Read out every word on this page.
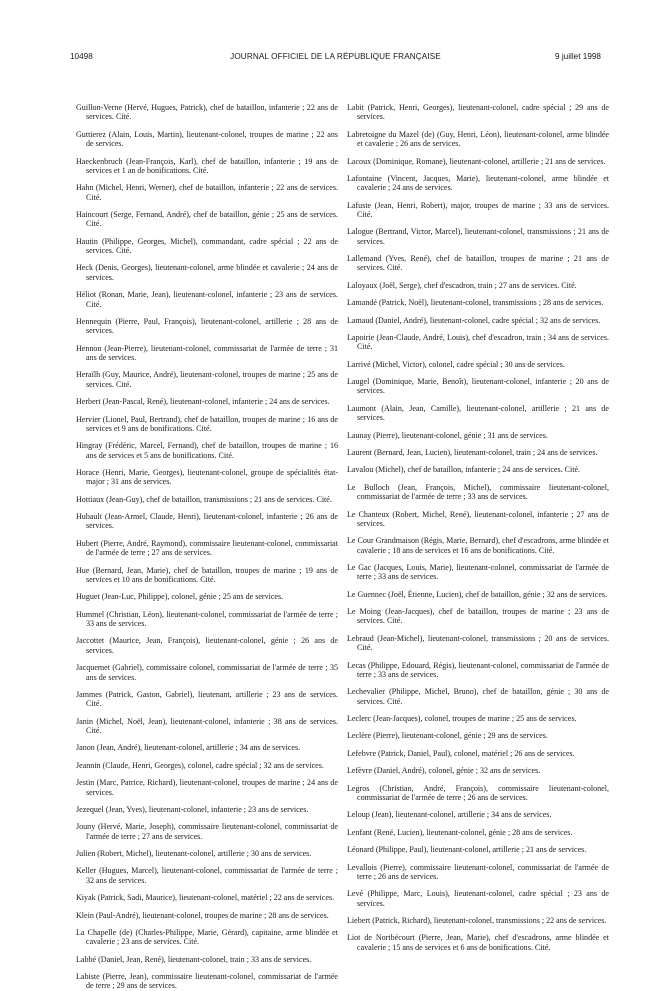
10498	JOURNAL OFFICIEL DE LA RÉPUBLIQUE FRANÇAISE	9 juillet 1998

Guillon-Verne (Hervé, Hugues, Patrick), chef de bataillon, infanterie ; 22 ans de services. Cité.

Guttierez (Alain, Louis, Martin), lieutenant-colonel, troupes de marine ; 22 ans de services.

Haeckenbruch (Jean-François, Karl), chef de bataillon, infanterie ; 19 ans de services et 1 an de bonifications. Cité.

Hahn (Michel, Henri, Werner), chef de bataillon, infanterie ; 22 ans de services. Cité.

Haincourt (Serge, Fernand, André), chef de bataillon, génie ; 25 ans de services. Cité.

Hautin (Philippe, Georges, Michel), commandant, cadre spécial ; 22 ans de services. Cité.

Heck (Denis, Georges), lieutenant-colonel, arme blindée et cavalerie ; 24 ans de services.

Héliot (Ronan, Marie, Jean), lieutenant-colonel, infanterie ; 23 ans de services. Cité.

Hennequin (Pierre, Paul, François), lieutenant-colonel, artillerie ; 28 ans de services.

Hennon (Jean-Pierre), lieutenant-colonel, commissariat de l'armée de terre ; 31 ans de services.

Heraïlh (Guy, Maurice, André), lieutenant-colonel, troupes de marine ; 25 ans de services. Cité.

Herbert (Jean-Pascal, René), lieutenant-colonel, infanterie ; 24 ans de services.

Hervier (Lionel, Paul, Bertrand), chef de bataillon, troupes de marine ; 16 ans de services et 9 ans de bonifications. Cité.

Hingray (Frédéric, Marcel, Fernand), chef de bataillon, troupes de marine ; 16 ans de services et 5 ans de bonifications. Cité.

Horace (Henri, Marie, Georges), lieutenant-colonel, groupe de spécialités état-major ; 31 ans de services.

Hottiaux (Jean-Guy), chef de bataillon, transmissions ; 21 ans de services. Cité.

Hubault (Jean-Armel, Claude, Henri), lieutenant-colonel, infanterie ; 26 ans de services.

Hubert (Pierre, André, Raymond), commissaire lieutenant-colonel, commissariat de l'armée de terre ; 27 ans de services.

Hue (Bernard, Jean, Marie), chef de bataillon, troupes de marine ; 19 ans de services et 10 ans de bonifications. Cité.

Huguet (Jean-Luc, Philippe), colonel, génie ; 25 ans de services.

Hummel (Christian, Léon), lieutenant-colonel, commissariat de l'armée de terre ; 33 ans de services.

Jaccottet (Maurice, Jean, François), lieutenant-colonel, génie ; 26 ans de services.

Jacquemet (Gabriel), commissaire colonel, commissariat de l'armée de terre ; 35 ans de services.

Jammes (Patrick, Gaston, Gabriel), lieutenant, artillerie ; 23 ans de services. Cité.

Janin (Michel, Noël, Jean), lieutenant-colonel, infanterie ; 38 ans de services. Cité.

Janon (Jean, André), lieutenant-colonel, artillerie ; 34 ans de services.

Jeannin (Claude, Henri, Georges), colonel, cadre spécial ; 32 ans de services.

Jestin (Marc, Patrice, Richard), lieutenant-colonel, troupes de marine ; 24 ans de services.

Jezequel (Jean, Yves), lieutenant-colonel, infanterie ; 23 ans de services.

Jouny (Hervé, Marie, Joseph), commissaire lieutenant-colonel, commissariat de l'armée de terre ; 27 ans de services.

Julien (Robert, Michel), lieutenant-colonel, artillerie ; 30 ans de services.

Keller (Hugues, Marcel), lieutenant-colonel, commissariat de l'armée de terre ; 32 ans de services.

Kiyak (Patrick, Sadi, Maurice), lieutenant-colonel, matériel ; 22 ans de services.

Klein (Paul-André), lieutenant-colonel, troupes de marine ; 28 ans de services.

La Chapelle (de) (Charles-Philippe, Marie, Gérard), capitaine, arme blindée et cavalerie ; 23 ans de services. Cité.

Labbé (Daniel, Jean, René), lieutenant-colonel, train ; 33 ans de services.

Labiste (Pierre, Jean), commissaire lieutenant-colonel, commissariat de l'armée de terre ; 29 ans de services.

Labit (Patrick, Henri, Georges), lieutenant-colonel, cadre spécial ; 29 ans de services.

Labretoigne du Mazel (de) (Guy, Henri, Léon), lieutenant-colonel, arme blindée et cavalerie ; 26 ans de services.

Lacoux (Dominique, Romane), lieutenant-colonel, artillerie ; 21 ans de services.

Lafontaine (Vincent, Jacques, Marie), lieutenant-colonel, arme blindée et cavalerie ; 24 ans de services.

Lafuste (Jean, Henri, Robert), major, troupes de marine ; 33 ans de services. Cité.

Lalogue (Bertrand, Victor, Marcel), lieutenant-colonel, transmissions ; 21 ans de services.

Lallemand (Yves, René), chef de bataillon, troupes de marine ; 21 ans de services. Cité.

Laloyaux (Joël, Serge), chef d'escadron, train ; 27 ans de services. Cité.

Lamandé (Patrick, Noël), lieutenant-colonel, transmissions ; 28 ans de services.

Lamaud (Daniel, André), lieutenant-colonel, cadre spécial ; 32 ans de services.

Lapoirie (Jean-Claude, André, Louis), chef d'escadron, train ; 34 ans de services. Cité.

Larrivé (Michel, Victor), colonel, cadre spécial ; 30 ans de services.

Laugel (Dominique, Marie, Benoît), lieutenant-colonel, infanterie ; 20 ans de services.

Laumont (Alain, Jean, Camille), lieutenant-colonel, artillerie ; 21 ans de services.

Launay (Pierre), lieutenant-colonel, génie ; 31 ans de services.

Laurent (Bernard, Jean, Lucien), lieutenant-colonel, train ; 24 ans de services.

Lavalou (Michel), chef de bataillon, infanterie ; 24 ans de services. Cité.

Le Bulloch (Jean, François, Michel), commissaire lieutenant-colonel, commissariat de l'armée de terre ; 33 ans de services.

Le Chanteux (Robert, Michel, René), lieutenant-colonel, infanterie ; 27 ans de services.

Le Cour Grandmaison (Régis, Marie, Bernard), chef d'escadrons, arme blindée et cavalerie ; 18 ans de services et 16 ans de bonifications. Cité.

Le Gac (Jacques, Louis, Marie), lieutenant-colonel, commissariat de l'armée de terre ; 33 ans de services.

Le Guennec (Joël, Étienne, Lucien), chef de bataillon, génie ; 32 ans de services.

Le Moing (Jean-Jacques), chef de bataillon, troupes de marine ; 23 ans de services. Cité.

Lebraud (Jean-Michel), lieutenant-colonel, transmissions ; 20 ans de services. Cité.

Lecas (Philippe, Edouard, Régis), lieutenant-colonel, commissariat de l'armée de terre ; 33 ans de services.

Lechevalier (Philippe, Michel, Bruno), chef de bataillon, génie ; 30 ans de services. Cité.

Leclerc (Jean-Jacques), colonel, troupes de marine ; 25 ans de services.

Leclère (Pierre), lieutenant-colonel, génie ; 29 ans de services.

Lefebvre (Patrick, Daniel, Paul), colonel, matériel ; 26 ans de services.

Lefèvre (Daniel, André), colonel, génie ; 32 ans de services.

Legros (Christian, André, François), commissaire lieutenant-colonel, commissariat de l'armée de terre ; 26 ans de services.

Leloup (Jean), lieutenant-colonel, artillerie ; 34 ans de services.

Lenfant (René, Lucien), lieutenant-colonel, génie ; 28 ans de services.

Léonard (Philippe, Paul), lieutenant-colonel, artillerie ; 21 ans de services.

Levallois (Pierre), commissaire lieutenant-colonel, commissariat de l'armée de terre ; 26 ans de services.

Levé (Philippe, Marc, Louis), lieutenant-colonel, cadre spécial ; 23 ans de services.

Liebert (Patrick, Richard), lieutenant-colonel, transmissions ; 22 ans de services.

Liot de Nortbécourt (Pierre, Jean, Marie), chef d'escadrons, arme blindée et cavalerie ; 15 ans de services et 6 ans de bonifications. Cité.
